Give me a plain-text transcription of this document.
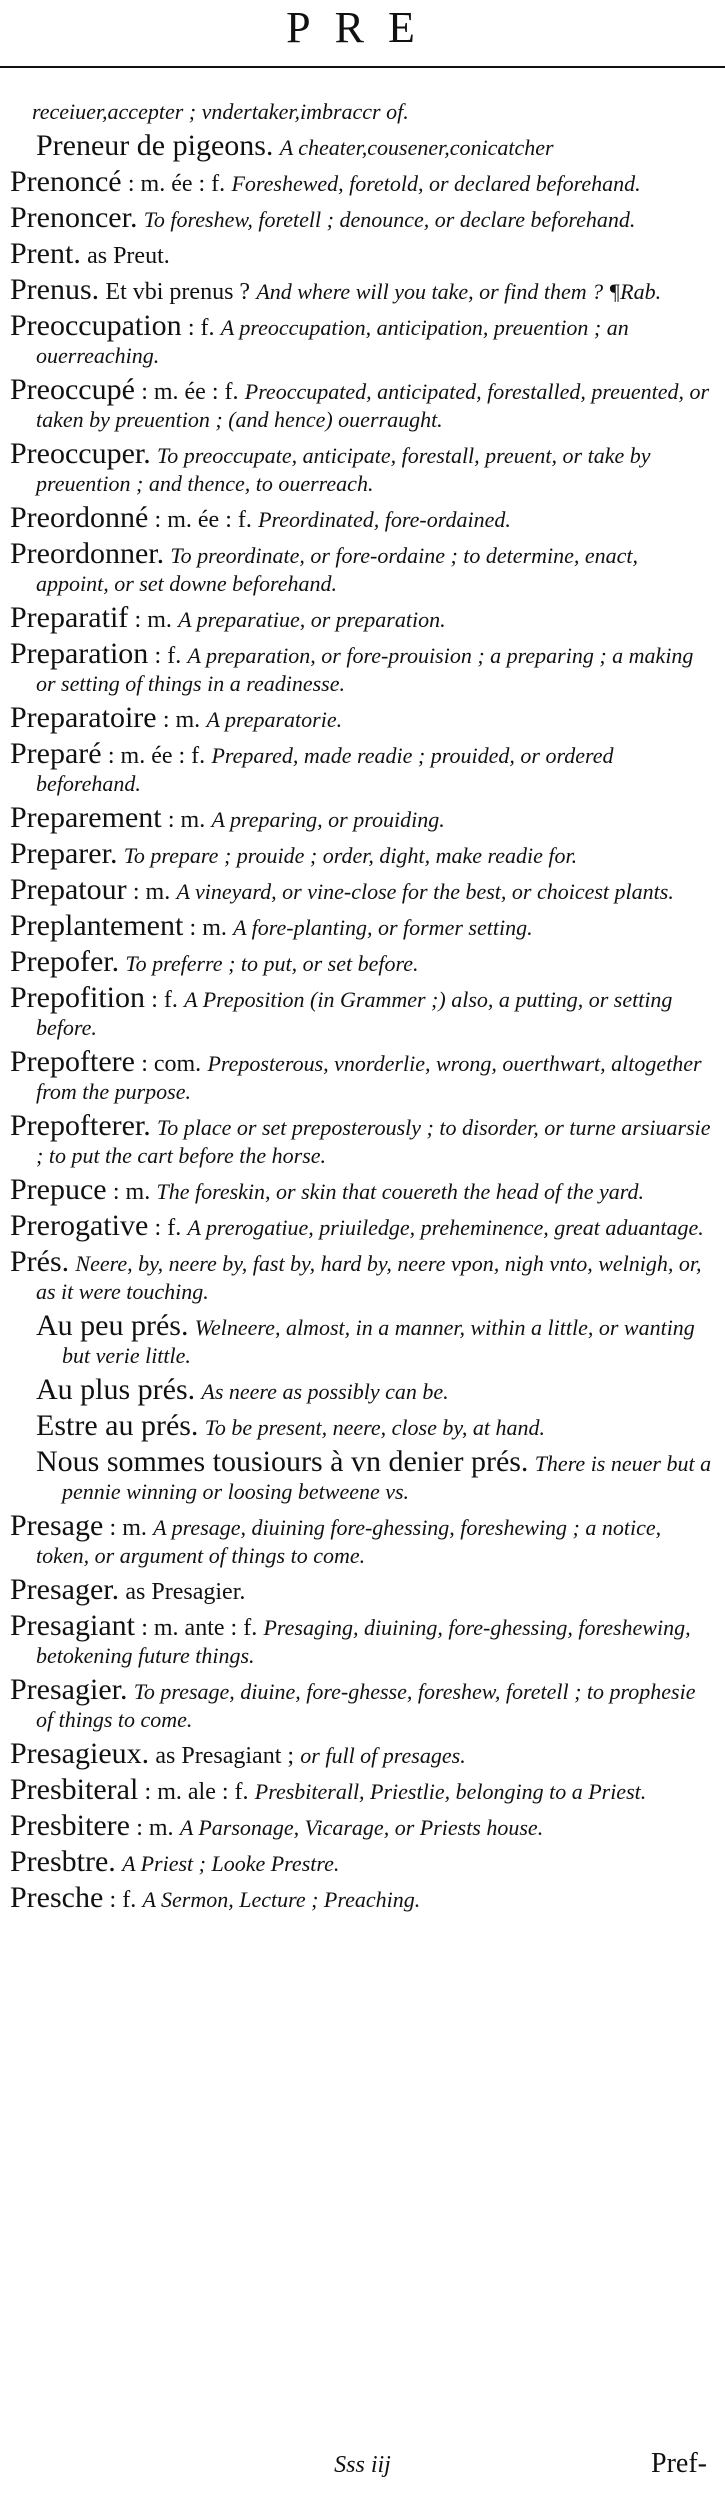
PRE
receiuer,accepter ; vndertaker,imbraccr of.
Preneur de pigeons. A cheater,cousener,conicatcher
Prenoncé : m. ée : f. Foreshewed, foretold, or declared beforehand.
Prenoncer. To foreshew, foretell ; denounce, or declare beforehand.
Prent. as Preut.
Prenus. Et vbi prenus ? And where will you take, or find them ? ¶Rab.
Preoccupation : f. A preoccupation, anticipation, preuention ; an ouerreaching.
Preoccupé : m. ée : f. Preoccupated, anticipated, forestalled, preuented, or taken by preuention ; (and hence) ouerraught.
Preoccuper. To preoccupate, anticipate, forestall, preuent, or take by preuention ; and thence, to ouerreach.
Preordonné : m. ée : f. Preordinated, fore-ordained.
Preordonner. To preordinate, or fore-ordaine ; to determine, enact, appoint, or set downe beforehand.
Preparatif : m. A preparatiue, or preparation.
Preparation : f. A preparation, or fore-prouision ; a preparing ; a making or setting of things in a readinesse.
Preparatoire : m. A preparatorie.
Preparé : m. ée : f. Prepared, made readie ; prouided, or ordered beforehand.
Preparement : m. A preparing, or prouiding.
Preparer. To prepare ; prouide ; order, dight, make readie for.
Prepatour : m. A vineyard, or vine-close for the best, or choicest plants.
Preplantement : m. A fore-planting, or former setting.
Prepofer. To preferre ; to put, or set before.
Prepofition : f. A Preposition (in Grammer ;) also, a putting, or setting before.
Prepoftere : com. Preposterous, vnorderlie, wrong, ouerthwart, altogether from the purpose.
Prepofterer. To place or set preposterously ; to disorder, or turne arsiuarsie ; to put the cart before the horse.
Prepuce : m. The foreskin, or skin that couereth the head of the yard.
Prerogative : f. A prerogatiue, priuiledge, preheminence, great aduantage.
Prés. Neere, by, neere by, fast by, hard by, neere vpon, nigh vnto, welnigh, or, as it were touching.
Au peu prés. Welneere, almost, in a manner, within a little, or wanting but verie little.
Au plus prés. As neere as possibly can be.
Estre au prés. To be present, neere, close by, at hand.
Nous sommes tousiours à vn denier prés. There is neuer but a pennie winning or loosing betweene vs.
Presage : m. A presage, diuining fore-ghessing, foreshewing ; a notice, token, or argument of things to come.
Presager. as Presagier.
Presagiant : m. ante : f. Presaging, diuining, fore-ghessing, foreshewing, betokening future things.
Presagier. To presage, diuine, fore-ghesse, foreshew, foretell ; to prophesie of things to come.
Presagieux. as Presagiant ; or full of presages.
Presbiteral : m. ale : f. Presbiterall, Priestlie, belonging to a Priest.
Presbitere : m. A Parsonage, Vicarage, or Priests house.
Presbtre. A Priest ; Looke Prestre.
Presche : f. A Sermon, Lecture ; Preaching.
Sss iij	Pref-
